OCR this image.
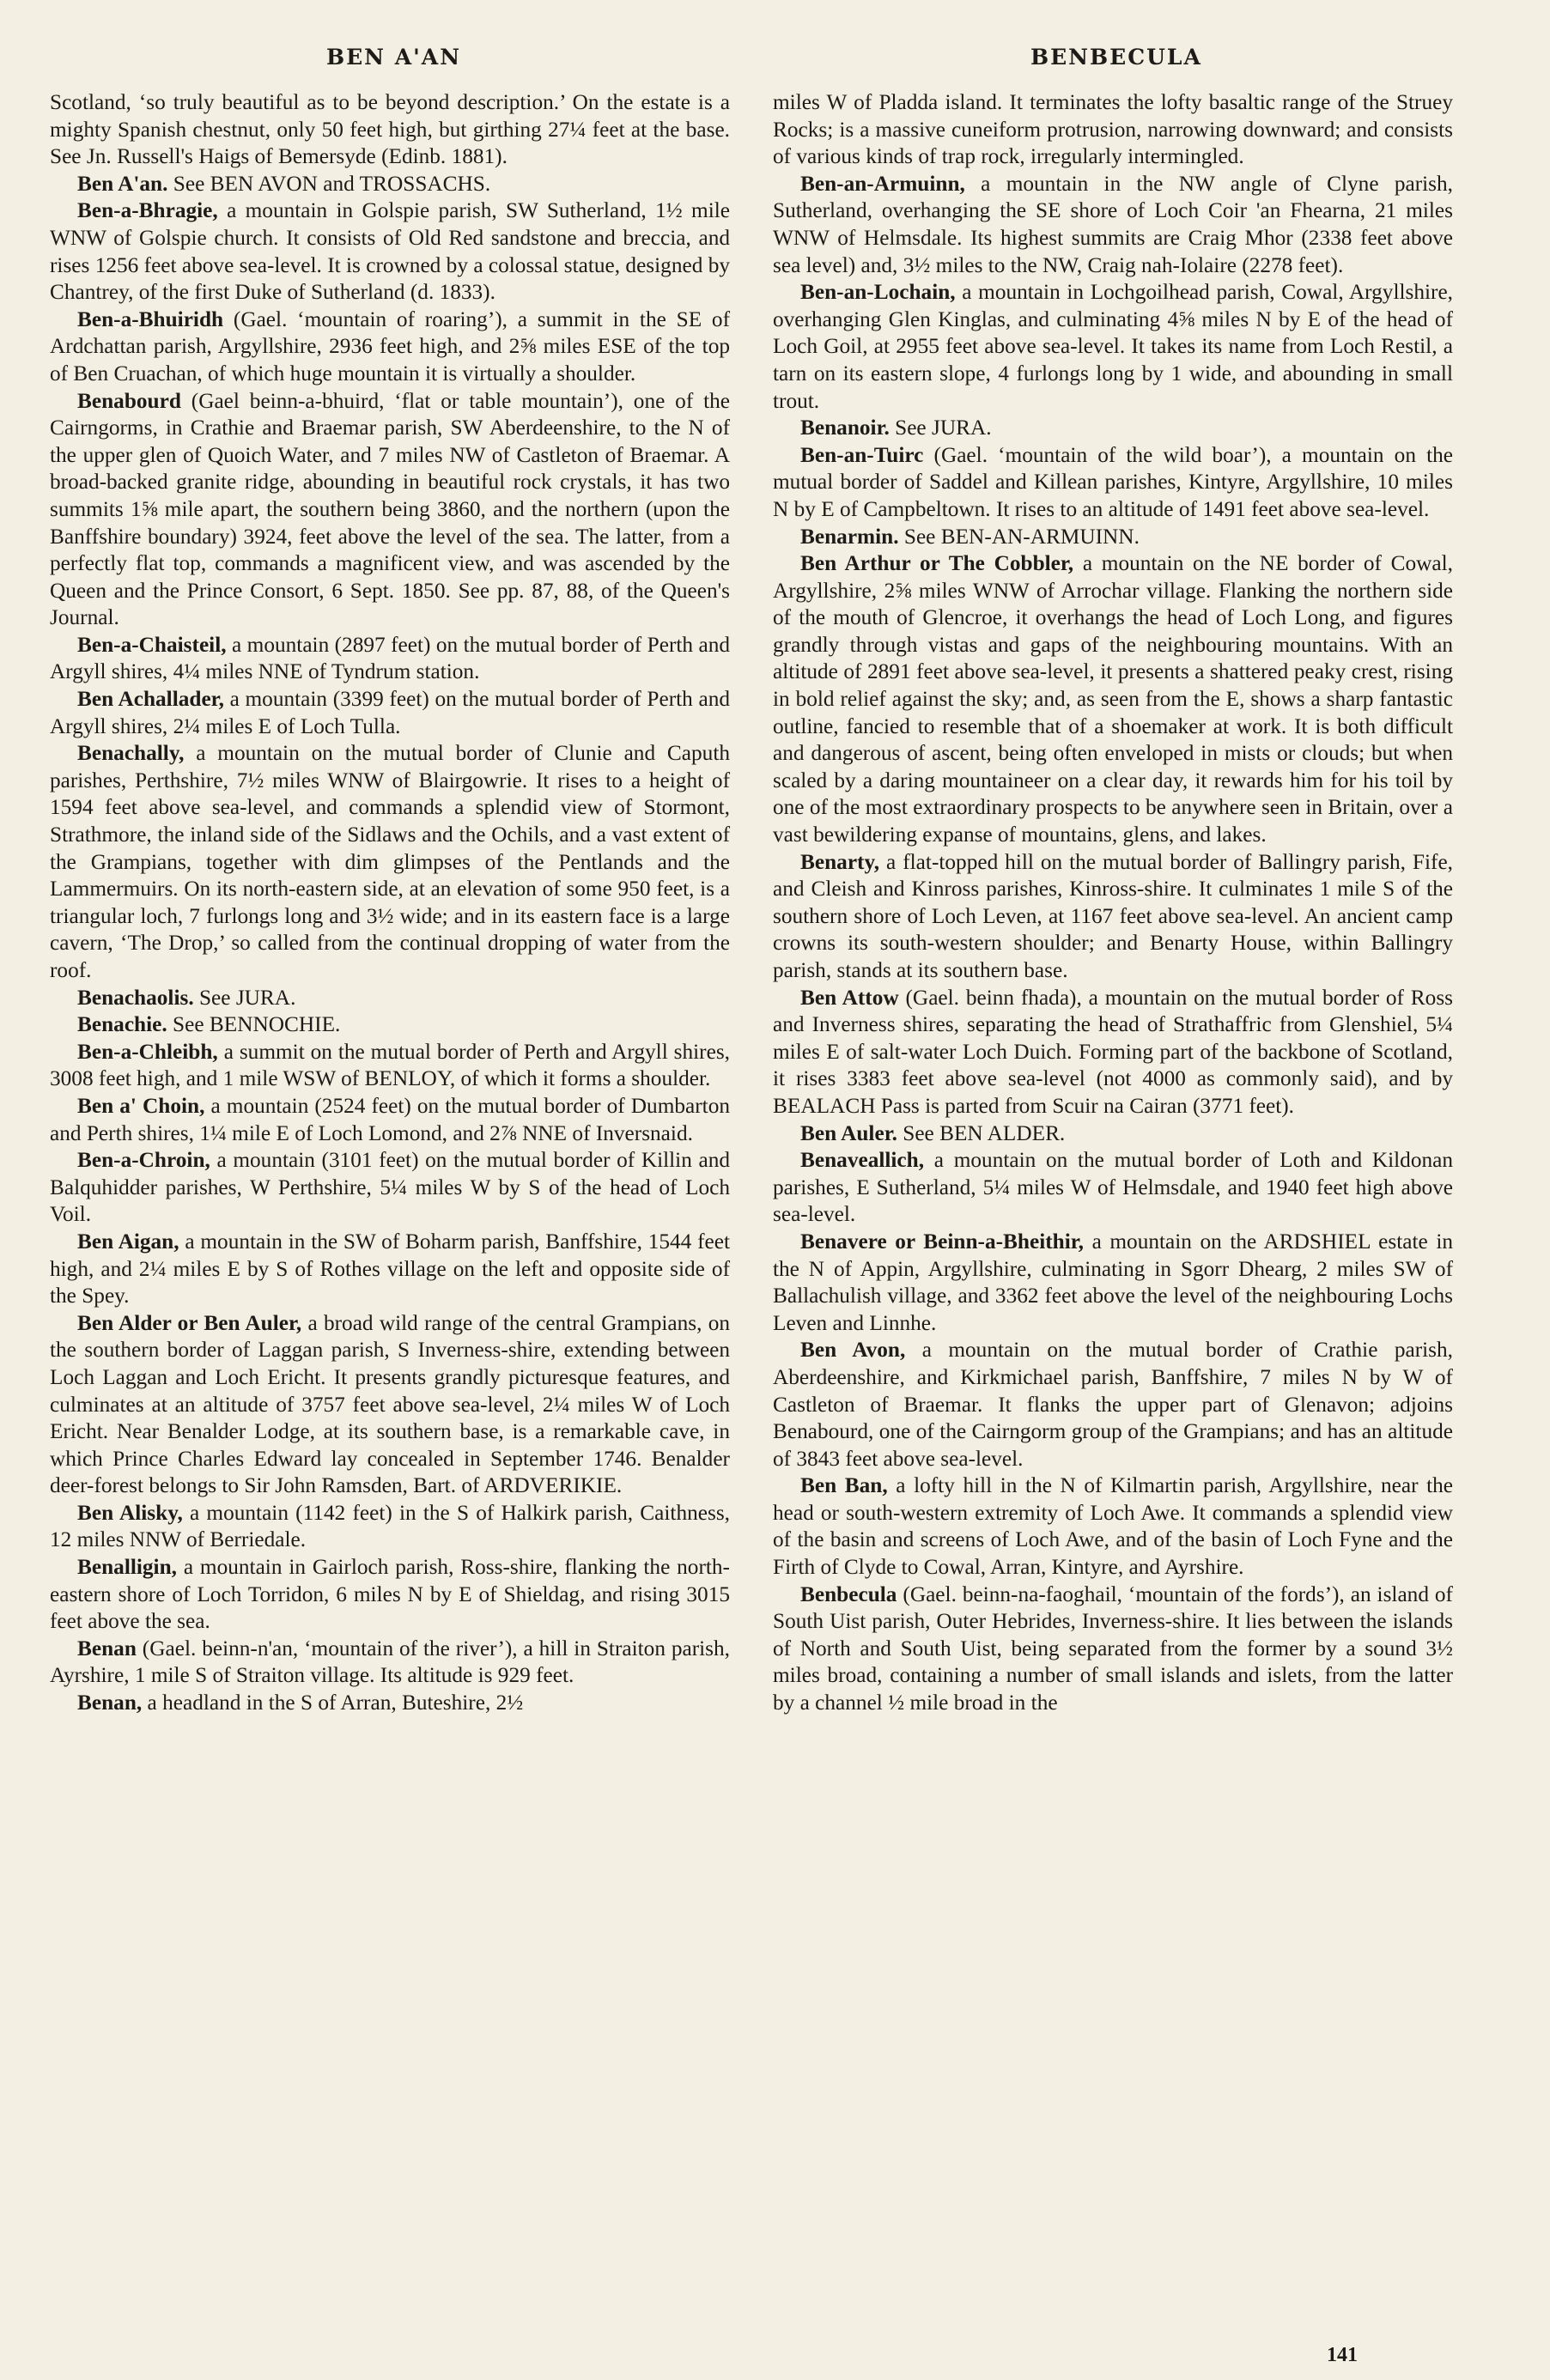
BEN A'AN	BENBECULA

Scotland, ‘so truly beautiful as to be beyond description.’ On the estate is a mighty Spanish chestnut, only 50 feet high, but girthing 27¼ feet at the base. See Jn. Russell's Haigs of Bemersyde (Edinb. 1881).

Ben A'an. See BEN AVON and TROSSACHS.

Ben-a-Bhragie, a mountain in Golspie parish, SW Sutherland, 1½ mile WNW of Golspie church. It consists of Old Red sandstone and breccia, and rises 1256 feet above sea-level. It is crowned by a colossal statue, designed by Chantrey, of the first Duke of Sutherland (d. 1833).

Ben-a-Bhuiridh (Gael. ‘mountain of roaring’), a summit in the SE of Ardchattan parish, Argyllshire, 2936 feet high, and 2⅝ miles ESE of the top of Ben Cruachan, of which huge mountain it is virtually a shoulder.

Benabourd (Gael beinn-a-bhuird, ‘flat or table mountain’), one of the Cairngorms, in Crathie and Braemar parish, SW Aberdeenshire, to the N of the upper glen of Quoich Water, and 7 miles NW of Castleton of Braemar. A broad-backed granite ridge, abounding in beautiful rock crystals, it has two summits 1⅝ mile apart, the southern being 3860, and the northern (upon the Banffshire boundary) 3924, feet above the level of the sea. The latter, from a perfectly flat top, commands a magnificent view, and was ascended by the Queen and the Prince Consort, 6 Sept. 1850. See pp. 87, 88, of the Queen's Journal.

Ben-a-Chaisteil, a mountain (2897 feet) on the mutual border of Perth and Argyll shires, 4¼ miles NNE of Tyndrum station.

Ben Achallader, a mountain (3399 feet) on the mutual border of Perth and Argyll shires, 2¼ miles E of Loch Tulla.

Benachally, a mountain on the mutual border of Clunie and Caputh parishes, Perthshire, 7½ miles WNW of Blairgowrie. It rises to a height of 1594 feet above sea-level, and commands a splendid view of Stormont, Strathmore, the inland side of the Sidlaws and the Ochils, and a vast extent of the Grampians, together with dim glimpses of the Pentlands and the Lammermuirs. On its north-eastern side, at an elevation of some 950 feet, is a triangular loch, 7 furlongs long and 3½ wide; and in its eastern face is a large cavern, ‘The Drop,’ so called from the continual dropping of water from the roof.

Benachaolis. See JURA.

Benachie. See BENNOCHIE.

Ben-a-Chleibh, a summit on the mutual border of Perth and Argyll shires, 3008 feet high, and 1 mile WSW of BENLOY, of which it forms a shoulder.

Ben a' Choin, a mountain (2524 feet) on the mutual border of Dumbarton and Perth shires, 1¼ mile E of Loch Lomond, and 2⅞ NNE of Inversnaid.

Ben-a-Chroin, a mountain (3101 feet) on the mutual border of Killin and Balquhidder parishes, W Perthshire, 5¼ miles W by S of the head of Loch Voil.

Ben Aigan, a mountain in the SW of Boharm parish, Banffshire, 1544 feet high, and 2¼ miles E by S of Rothes village on the left and opposite side of the Spey.

Ben Alder or Ben Auler, a broad wild range of the central Grampians, on the southern border of Laggan parish, S Inverness-shire, extending between Loch Laggan and Loch Ericht. It presents grandly picturesque features, and culminates at an altitude of 3757 feet above sea-level, 2¼ miles W of Loch Ericht. Near Benalder Lodge, at its southern base, is a remarkable cave, in which Prince Charles Edward lay concealed in September 1746. Benalder deer-forest belongs to Sir John Ramsden, Bart. of ARDVERIKIE.

Ben Alisky, a mountain (1142 feet) in the S of Halkirk parish, Caithness, 12 miles NNW of Berriedale.

Benalligin, a mountain in Gairloch parish, Ross-shire, flanking the north-eastern shore of Loch Torridon, 6 miles N by E of Shieldag, and rising 3015 feet above the sea.

Benan (Gael. beinn-n'an, ‘mountain of the river’), a hill in Straiton parish, Ayrshire, 1 mile S of Straiton village. Its altitude is 929 feet.

Benan, a headland in the S of Arran, Buteshire, 2½

miles W of Pladda island. It terminates the lofty basaltic range of the Struey Rocks; is a massive cuneiform protrusion, narrowing downward; and consists of various kinds of trap rock, irregularly intermingled.

Ben-an-Armuinn, a mountain in the NW angle of Clyne parish, Sutherland, overhanging the SE shore of Loch Coir 'an Fhearna, 21 miles WNW of Helmsdale. Its highest summits are Craig Mhor (2338 feet above sea level) and, 3½ miles to the NW, Craig nah-Iolaire (2278 feet).

Ben-an-Lochain, a mountain in Lochgoilhead parish, Cowal, Argyllshire, overhanging Glen Kinglas, and culminating 4⅝ miles N by E of the head of Loch Goil, at 2955 feet above sea-level. It takes its name from Loch Restil, a tarn on its eastern slope, 4 furlongs long by 1 wide, and abounding in small trout.

Benanoir. See JURA.

Ben-an-Tuirc (Gael. ‘mountain of the wild boar’), a mountain on the mutual border of Saddel and Killean parishes, Kintyre, Argyllshire, 10 miles N by E of Campbeltown. It rises to an altitude of 1491 feet above sea-level.

Benarmin. See BEN-AN-ARMUINN.

Ben Arthur or The Cobbler, a mountain on the NE border of Cowal, Argyllshire, 2⅝ miles WNW of Arrochar village. Flanking the northern side of the mouth of Glencroe, it overhangs the head of Loch Long, and figures grandly through vistas and gaps of the neighbouring mountains. With an altitude of 2891 feet above sea-level, it presents a shattered peaky crest, rising in bold relief against the sky; and, as seen from the E, shows a sharp fantastic outline, fancied to resemble that of a shoemaker at work. It is both difficult and dangerous of ascent, being often enveloped in mists or clouds; but when scaled by a daring mountaineer on a clear day, it rewards him for his toil by one of the most extraordinary prospects to be anywhere seen in Britain, over a vast bewildering expanse of mountains, glens, and lakes.

Benarty, a flat-topped hill on the mutual border of Ballingry parish, Fife, and Cleish and Kinross parishes, Kinross-shire. It culminates 1 mile S of the southern shore of Loch Leven, at 1167 feet above sea-level. An ancient camp crowns its south-western shoulder; and Benarty House, within Ballingry parish, stands at its southern base.

Ben Attow (Gael. beinn fhada), a mountain on the mutual border of Ross and Inverness shires, separating the head of Strathaffric from Glenshiel, 5¼ miles E of salt-water Loch Duich. Forming part of the backbone of Scotland, it rises 3383 feet above sea-level (not 4000 as commonly said), and by BEALACH Pass is parted from Scuir na Cairan (3771 feet).

Ben Auler. See BEN ALDER.

Benaveallich, a mountain on the mutual border of Loth and Kildonan parishes, E Sutherland, 5¼ miles W of Helmsdale, and 1940 feet high above sea-level.

Benavere or Beinn-a-Bheithir, a mountain on the ARDSHIEL estate in the N of Appin, Argyllshire, culminating in Sgorr Dhearg, 2 miles SW of Ballachulish village, and 3362 feet above the level of the neighbouring Lochs Leven and Linnhe.

Ben Avon, a mountain on the mutual border of Crathie parish, Aberdeenshire, and Kirkmichael parish, Banffshire, 7 miles N by W of Castleton of Braemar. It flanks the upper part of Glenavon; adjoins Benabourd, one of the Cairngorm group of the Grampians; and has an altitude of 3843 feet above sea-level.

Ben Ban, a lofty hill in the N of Kilmartin parish, Argyllshire, near the head or south-western extremity of Loch Awe. It commands a splendid view of the basin and screens of Loch Awe, and of the basin of Loch Fyne and the Firth of Clyde to Cowal, Arran, Kintyre, and Ayrshire.

Benbecula (Gael. beinn-na-faoghail, ‘mountain of the fords’), an island of South Uist parish, Outer Hebrides, Inverness-shire. It lies between the islands of North and South Uist, being separated from the former by a sound 3½ miles broad, containing a number of small islands and islets, from the latter by a channel ½ mile broad in the

141
